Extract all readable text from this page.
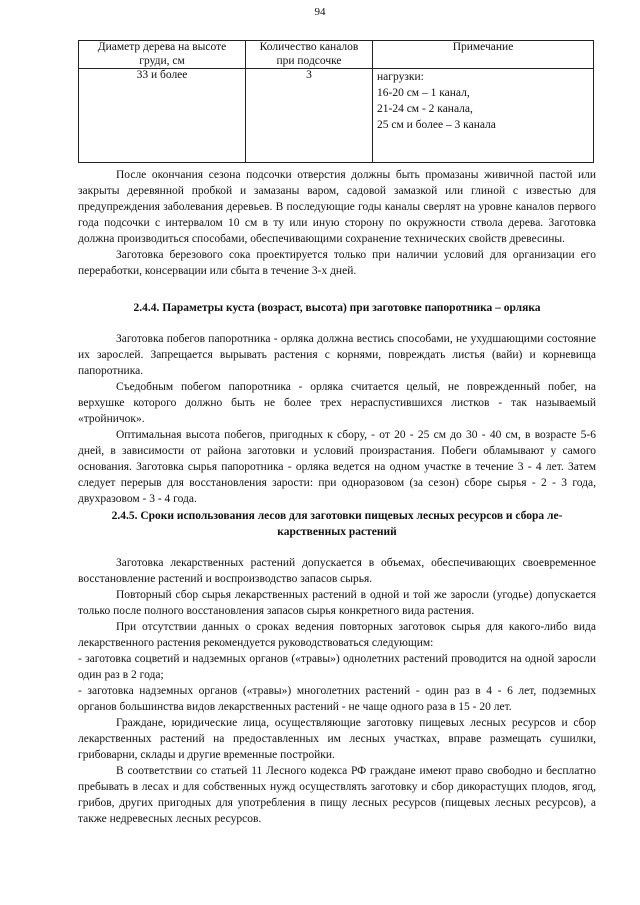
94
Диаметр дерева на высоте груди, см	Количество каналов при подсочке	Примечание
33 и более	3	нагрузки:
16-20 см – 1 канал,
21-24 см - 2 канала,
25 см и более – 3 канала

После окончания сезона подсочки отверстия должны быть промазаны живичной пастой или закрыты деревянной пробкой и замазаны варом, садовой замазкой или глиной с известью для предупреждения заболевания деревьев. В последующие годы каналы сверлят на уровне каналов первого года подсочки с интервалом 10 см в ту или иную сторону по окружности ствола дерева. Заготовка должна производиться способами, обеспечивающими сохранение технических свойств древесины.

Заготовка березового сока проектируется только при наличии условий для организации его переработки, консервации или сбыта в течение 3-х дней.

2.4.4. Параметры куста (возраст, высота) при заготовке папоротника – орляка

Заготовка побегов папоротника - орляка должна вестись способами, не ухудшающими состояние их зарослей. Запрещается вырывать растения с корнями, повреждать листья (вайи) и корневища папоротника.

Съедобным побегом папоротника - орляка считается целый, не поврежденный побег, на верхушке которого должно быть не более трех нераспустившихся листков - так называемый «тройничок».

Оптимальная высота побегов, пригодных к сбору, - от 20 - 25 см до 30 - 40 см, в возрасте 5-6 дней, в зависимости от района заготовки и условий произрастания. Побеги обламывают у самого основания. Заготовка сырья папоротника - орляка ведется на одном участке в течение 3 - 4 лет. Затем следует перерыв для восстановления зарости: при одноразовом (за сезон) сборе сырья - 2 - 3 года, двухразовом - 3 - 4 года.

2.4.5. Сроки использования лесов для заготовки пищевых лесных ресурсов и сбора ле-
карственных растений

Заготовка лекарственных растений допускается в объемах, обеспечивающих своевременное восстановление растений и воспроизводство запасов сырья.

Повторный сбор сырья лекарственных растений в одной и той же заросли (угодье) допускается только после полного восстановления запасов сырья конкретного вида растения.

При отсутствии данных о сроках ведения повторных заготовок сырья для какого-либо вида лекарственного растения рекомендуется руководствоваться следующим:

- заготовка соцветий и надземных органов («травы») однолетних растений проводится на одной заросли один раз в 2 года;

- заготовка надземных органов («травы») многолетних растений - один раз в 4 - 6 лет, подземных органов большинства видов лекарственных растений - не чаще одного раза в 15 - 20 лет.

Граждане, юридические лица, осуществляющие заготовку пищевых лесных ресурсов и сбор лекарственных растений на предоставленных им лесных участках, вправе размещать сушилки, грибоварни, склады и другие временные постройки.

В соответствии со статьей 11 Лесного кодекса РФ граждане имеют право свободно и бесплатно пребывать в лесах и для собственных нужд осуществлять заготовку и сбор дикорастущих плодов, ягод, грибов, других пригодных для употребления в пищу лесных ресурсов (пищевых лесных ресурсов), а также недревесных лесных ресурсов.
